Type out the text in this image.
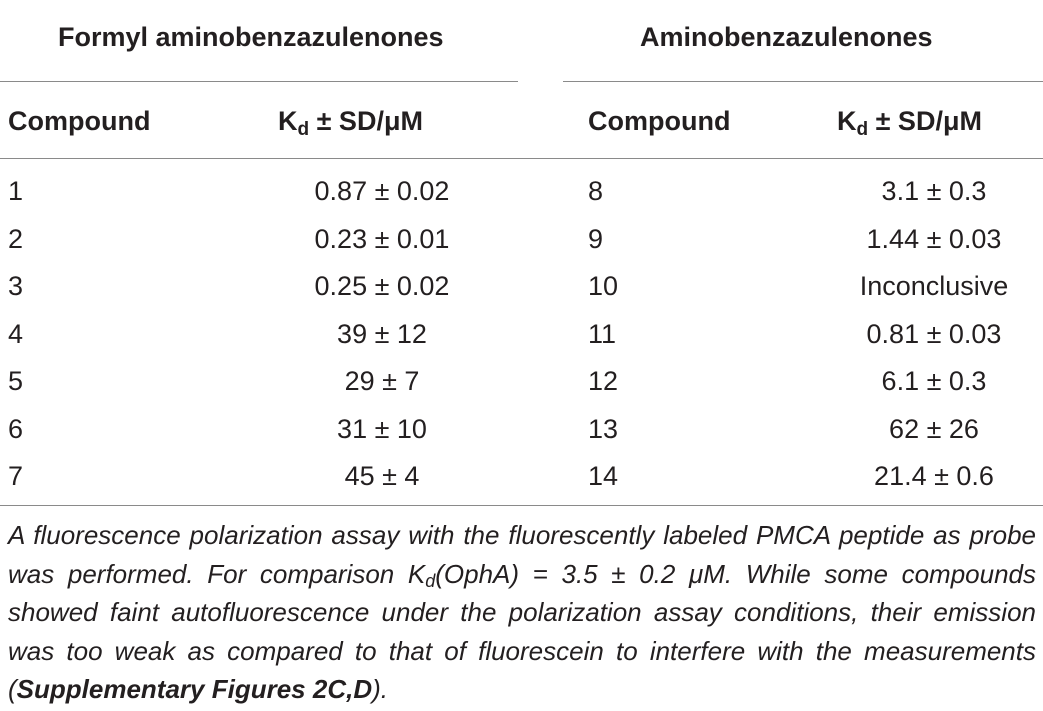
Formyl aminobenzazulenones	Aminobenzazulenones
Compound	$K_d \pm SD/\mu M$	Compound	$K_d \pm SD/\mu M$
1	0.87 ± 0.02	8	3.1 ± 0.3
2	0.23 ± 0.01	9	1.44 ± 0.03
3	0.25 ± 0.02	10	Inconclusive
4	39 ± 12	11	0.81 ± 0.03
5	29 ± 7	12	6.1 ± 0.3
6	31 ± 10	13	62 ± 26
7	45 ± 4	14	21.4 ± 0.6
A fluorescence polarization assay with the fluorescently labeled PMCA peptide as probe was performed. For comparison $K_d(OphA) = 3.5 \pm 0.2$ μM. While some compounds showed faint autofluorescence under the polarization assay conditions, their emission was too weak as compared to that of fluorescein to interfere with the measurements (Supplementary Figures 2C,D).
